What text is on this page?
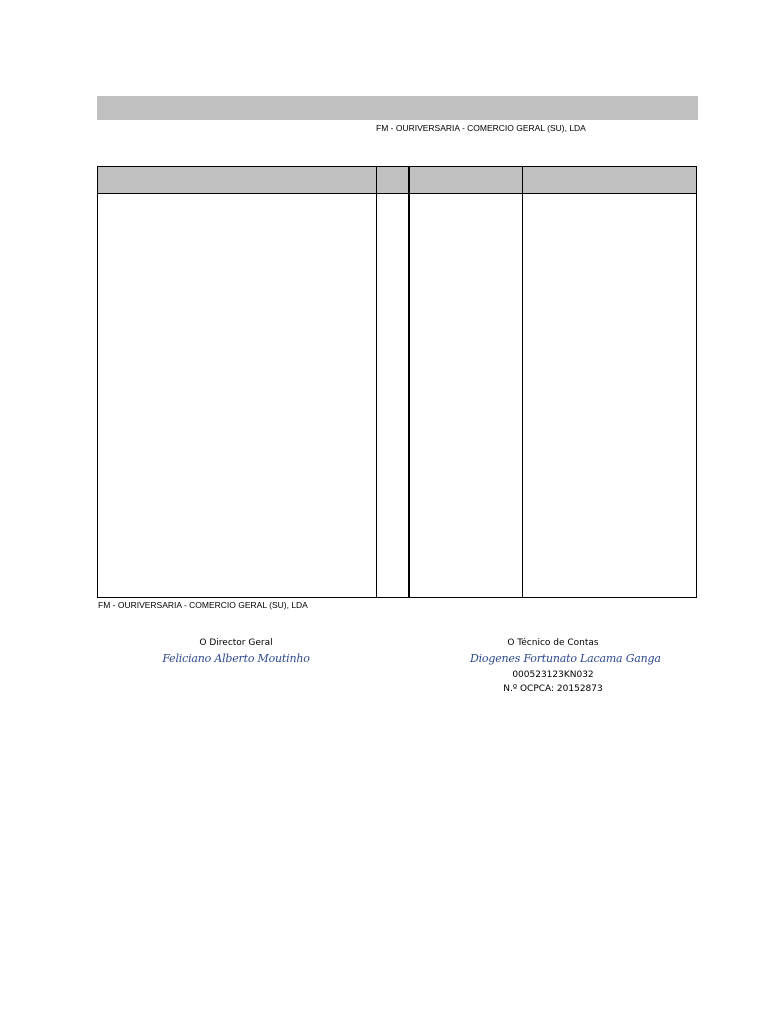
FM - OURIVERSARIA - COMERCIO GERAL (SU), LDA
FM - OURIVERSARIA - COMERCIO GERAL (SU), LDA
O Director Geral
Feliciano Alberto Moutinho
O Técnico de Contas
Diogenes Fortunato Lacama Ganga
000523123KN032
N.º OCPCA: 20152873
